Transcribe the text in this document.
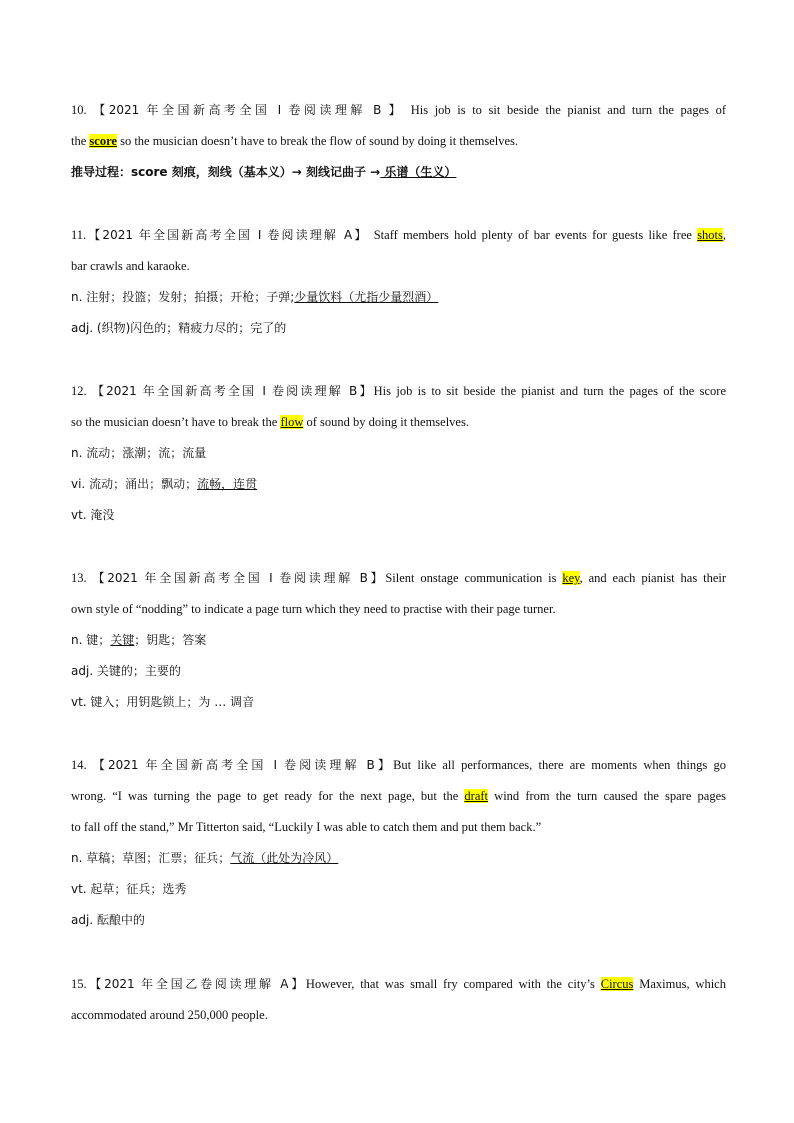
10. 【2021 年全国新高考全国 I 卷阅读理解 B 】 His job is to sit beside the pianist and turn the pages of
the score so the musician doesn’t have to break the flow of sound by doing it themselves.
推导过程：score 刻痕，刻线（基本义）→ 刻线记曲子 → 乐谱（生义）
11.【2021 年全国新高考全国 I 卷阅读理解 A】 Staff members hold plenty of bar events for guests like free shots,
bar crawls and karaoke.
n. 注射；投篮；发射；拍摄；开枪；子弹;少量饮料（尤指少量烈酒）
adj. (织物)闪色的；精疲力尽的；完了的
12. 【2021 年全国新高考全国 I 卷阅读理解 B】His job is to sit beside the pianist and turn the pages of the score
so the musician doesn’t have to break the flow of sound by doing it themselves.
n. 流动；涨潮；流；流量
vi. 流动；涌出；飘动；流畅，连贯
vt. 淹没
13. 【2021 年全国新高考全国 I 卷阅读理解 B】Silent onstage communication is key, and each pianist has their
own style of “nodding” to indicate a page turn which they need to practise with their page turner.
n. 键；关键；钥匙；答案
adj. 关键的；主要的
vt. 键入；用钥匙锁上；为 … 调音
14. 【2021 年全国新高考全国 I 卷阅读理解 B】But like all performances, there are moments when things go
wrong. “I was turning the page to get ready for the next page, but the draft wind from the turn caused the spare pages
to fall off the stand,” Mr Titterton said, “Luckily I was able to catch them and put them back.”
n. 草稿；草图；汇票；征兵；气流（此处为冷风）
vt. 起草；征兵；选秀
adj. 酝酿中的
15.【2021 年全国乙卷阅读理解 A】However, that was small fry compared with the city’s Circus Maximus, which
accommodated around 250,000 people.
